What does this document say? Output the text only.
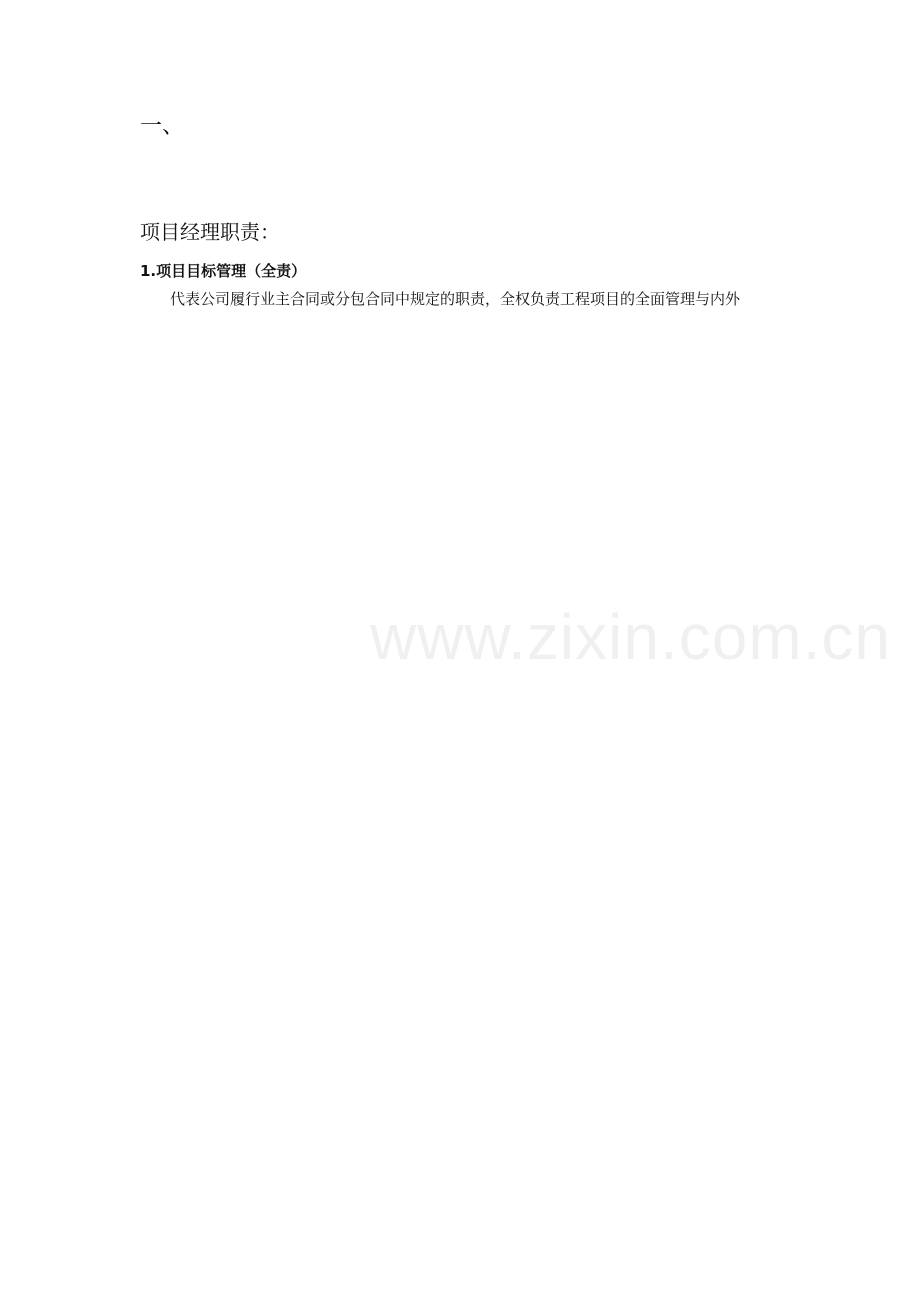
www.zixin.com.cn
一、
项目经理职责：
1.项目目标管理（全责）
代表公司履行业主合同或分包合同中规定的职责，全权负责工程项目的全面管理与内外
